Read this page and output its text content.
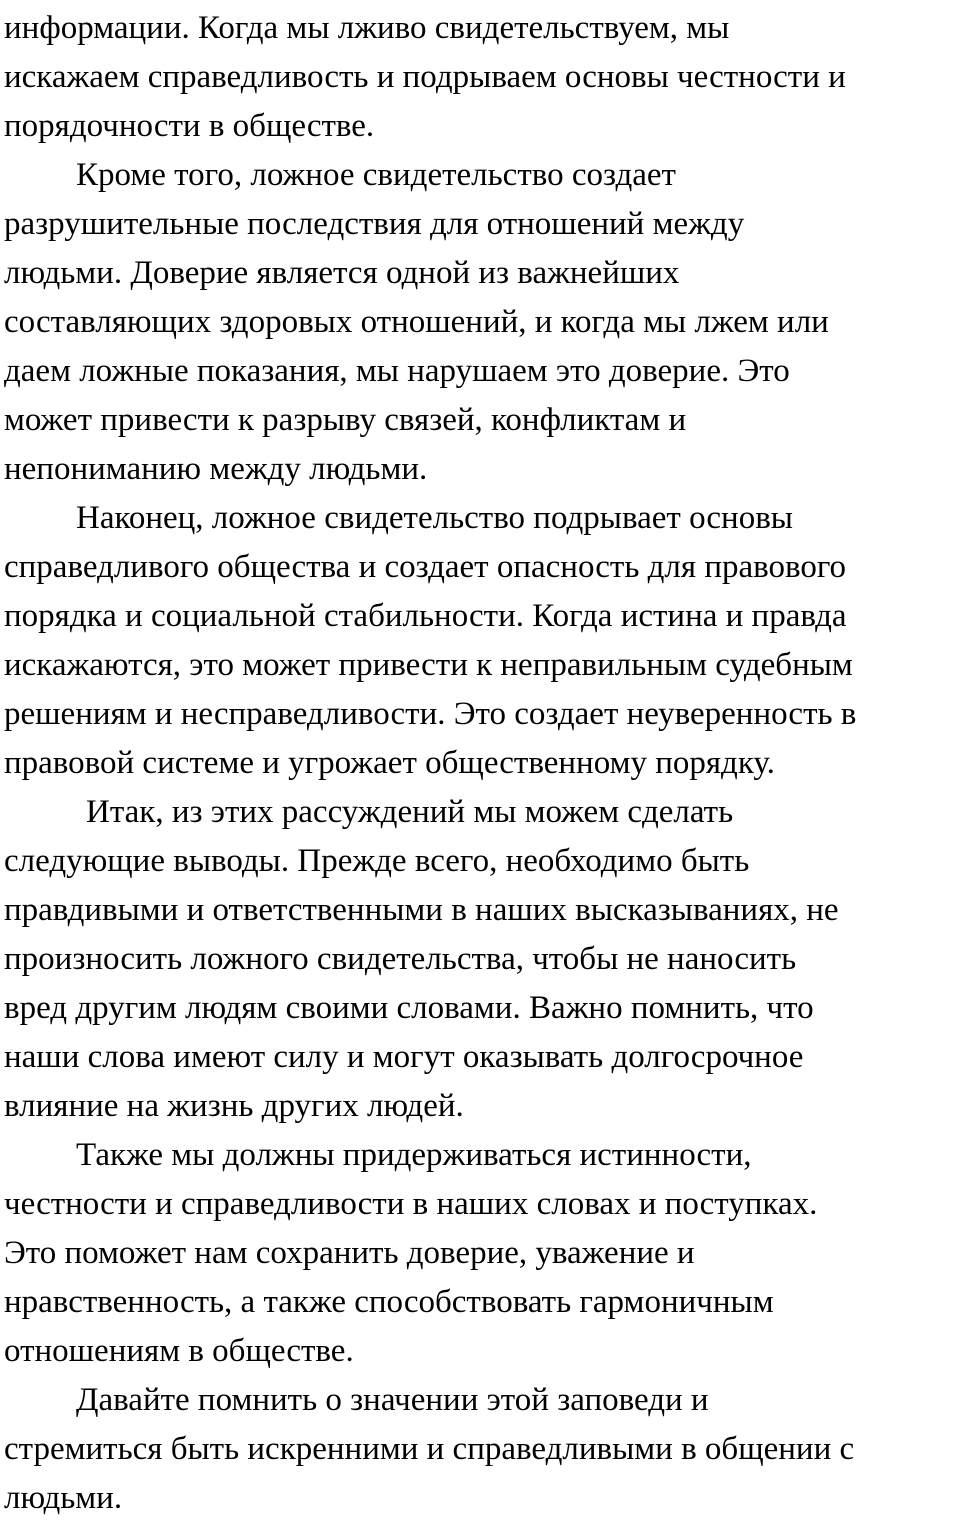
информации. Когда мы лживо свидетельствуем, мы
искажаем справедливость и подрываем основы честности и
порядочности в обществе.

Кроме того, ложное свидетельство создает
разрушительные последствия для отношений между
людьми. Доверие является одной из важнейших
составляющих здоровых отношений, и когда мы лжем или
даем ложные показания, мы нарушаем это доверие. Это
может привести к разрыву связей, конфликтам и
непониманию между людьми.

Наконец, ложное свидетельство подрывает основы
справедливого общества и создает опасность для правового
порядка и социальной стабильности. Когда истина и правда
искажаются, это может привести к неправильным судебным
решениям и несправедливости. Это создает неуверенность в
правовой системе и угрожает общественному порядку.

Итак, из этих рассуждений мы можем сделать
следующие выводы. Прежде всего, необходимо быть
правдивыми и ответственными в наших высказываниях, не
произносить ложного свидетельства, чтобы не наносить
вред другим людям своими словами. Важно помнить, что
наши слова имеют силу и могут оказывать долгосрочное
влияние на жизнь других людей.

Также мы должны придерживаться истинности,
честности и справедливости в наших словах и поступках.
Это поможет нам сохранить доверие, уважение и
нравственность, а также способствовать гармоничным
отношениям в обществе.

Давайте помнить о значении этой заповеди и
стремиться быть искренними и справедливыми в общении с
людьми.
